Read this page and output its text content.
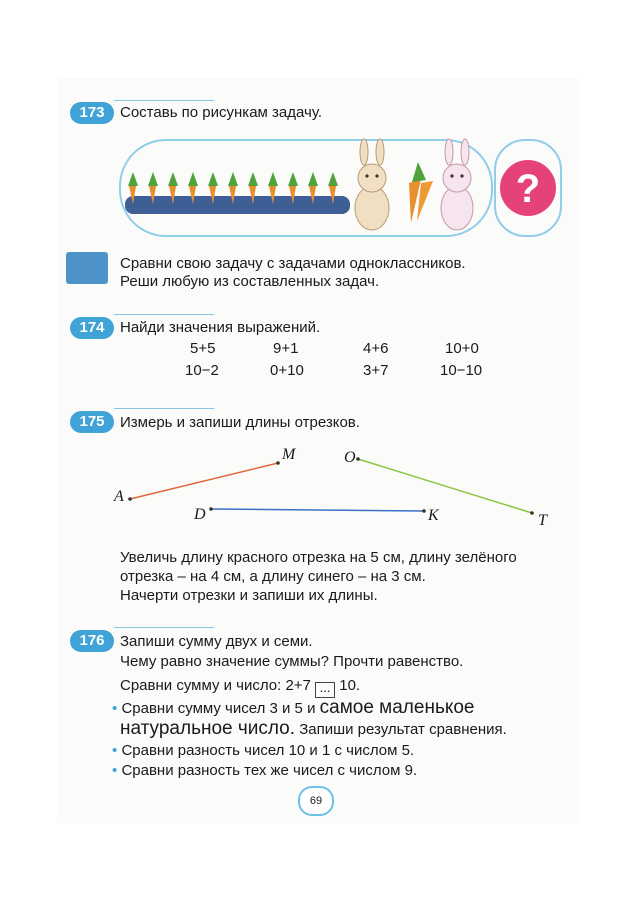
173	Составь по рисункам задачу.
?
Сравни свою задачу с задачами одноклассников.
Реши любую из составленных задач.
174	Найди значения выражений.
5+5	9+1	4+6	10+0
10−2	0+10	3+7	10−10
175	Измерь и запиши длины отрезков.
A
M	O
T
D	K
Увеличь длину красного отрезка на 5 см, длину зелёного
отрезка – на 4 см, а длину синего – на 3 см.
Начерти отрезки и запиши их длины.
176	Запиши сумму двух и семи.
Чему равно значение суммы? Прочти равенство.
Сравни сумму и число: 2+7 ... 10.
• Сравни сумму чисел 3 и 5 и самое маленькое
натуральное число. Запиши результат сравнения.
• Сравни разность чисел 10 и 1 с числом 5.
• Сравни разность тех же чисел с числом 9.
69
